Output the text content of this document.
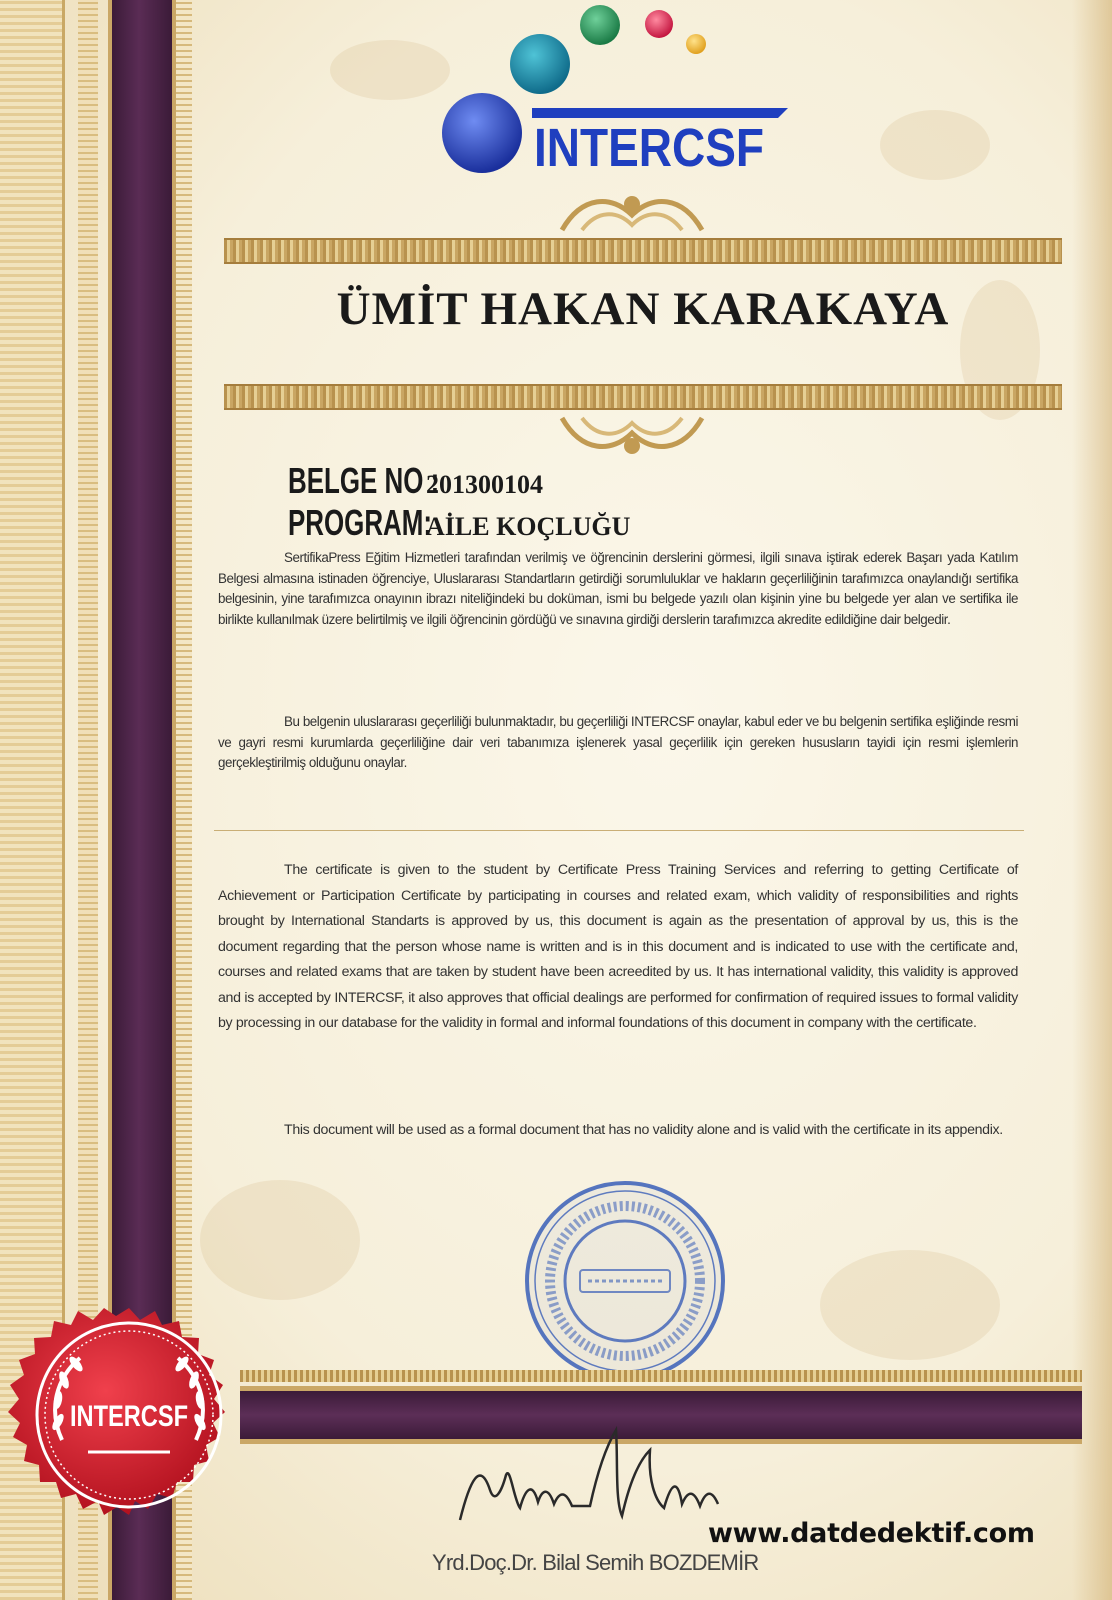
INTERCSF
ÜMİT HAKAN KARAKAYA
BELGE NO :201300104
PROGRAM:AİLE KOÇLUĞU

SertifikaPress Eğitim Hizmetleri tarafından verilmiş ve öğrencinin derslerini görmesi, ilgili sınava iştirak ederek Başarı yada Katılım Belgesi almasına istinaden öğrenciye, Uluslararası Standartların getirdiği sorumluluklar ve hakların geçerliliğinin tarafımızca onaylandığı sertifika belgesinin, yine tarafımızca onayının ibrazı niteliğindeki bu doküman, ismi bu belgede yazılı olan kişinin yine bu belgede yer alan ve sertifika ile birlikte kullanılmak üzere belirtilmiş ve ilgili öğrencinin gördüğü ve sınavına girdiği derslerin tarafımızca akredite edildiğine dair belgedir.

Bu belgenin uluslararası geçerliliği bulunmaktadır, bu geçerliliği INTERCSF onaylar, kabul eder ve bu belgenin sertifika eşliğinde resmi ve gayri resmi kurumlarda geçerliliğine dair veri tabanımıza işlenerek yasal geçerlilik için gereken hususların tayidi için resmi işlemlerin gerçekleştirilmiş olduğunu onaylar.

The certificate is given to the student by Certificate Press Training Services and referring to getting Certificate of Achievement or Participation Certificate by participating in courses and related exam, which validity of responsibilities and rights brought by International Standarts is approved by us, this document is again as the presentation of approval by us, this is the document regarding that the person whose name is written and is in this document and is indicated to use with the certificate and, courses and related exams that are taken by student have been acreedited by us. It has international validity, this validity is approved and is accepted by INTERCSF, it also approves that official dealings are performed for confirmation of required issues to formal validity by processing in our database for the validity in formal and informal foundations of this document in company with the certificate.

This document will be used as a formal document that has no validity alone and is valid with the certificate in its appendix.

INTERCSF

Yrd.Doç.Dr. Bilal Semih BOZDEMİR

www.datdedektif.com
